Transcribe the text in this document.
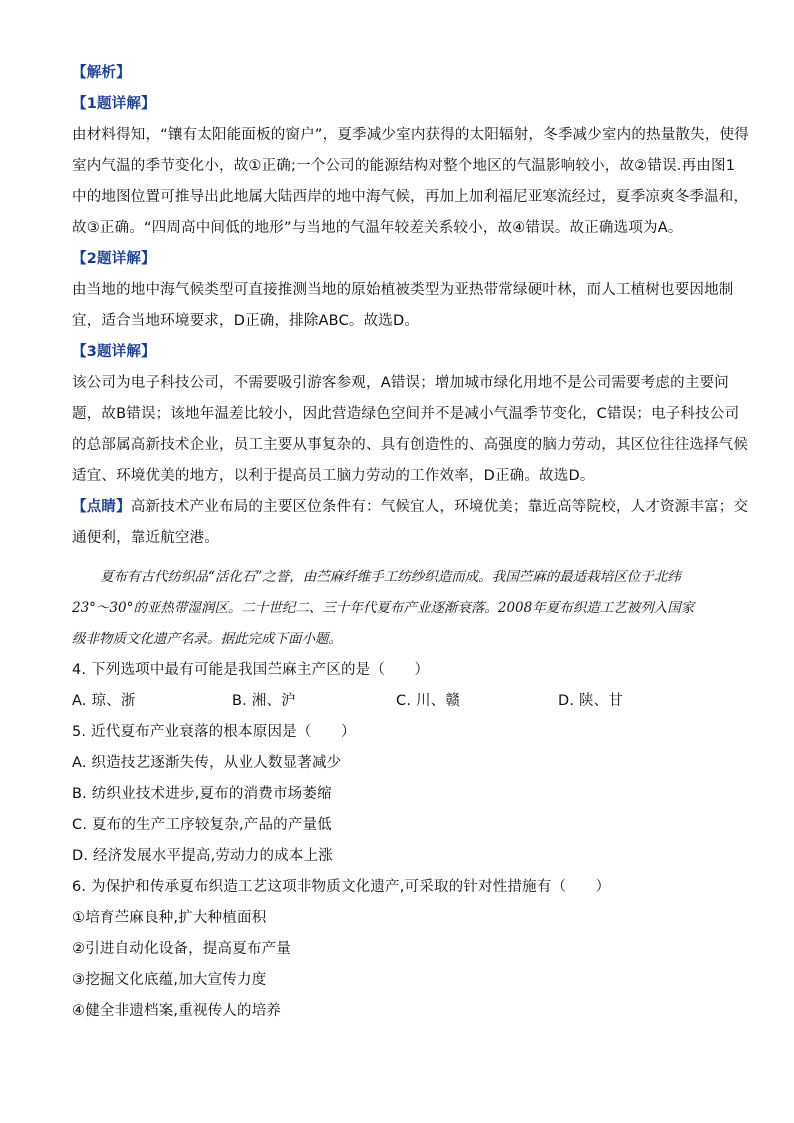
【解析】
【1题详解】
由材料得知，“镶有太阳能面板的窗户”，夏季减少室内获得的太阳辐射，冬季减少室内的热量散失，使得
室内气温的季节变化小，故①正确;一个公司的能源结构对整个地区的气温影响较小，故②错误.再由图1
中的地图位置可推导出此地属大陆西岸的地中海气候，再加上加利福尼亚寒流经过，夏季凉爽冬季温和，
故③正确。“四周高中间低的地形”与当地的气温年较差关系较小，故④错误。故正确选项为A。
【2题详解】
由当地的地中海气候类型可直接推测当地的原始植被类型为亚热带常绿硬叶林，而人工植树也要因地制
宜，适合当地环境要求，D正确，排除ABC。故选D。
【3题详解】
该公司为电子科技公司，不需要吸引游客参观，A错误；增加城市绿化用地不是公司需要考虑的主要问
题，故B错误；该地年温差比较小，因此营造绿色空间并不是减小气温季节变化，C错误；电子科技公司
的总部属高新技术企业，员工主要从事复杂的、具有创造性的、高强度的脑力劳动，其区位往往选择气候
适宜、环境优美的地方，以利于提高员工脑力劳动的工作效率，D正确。故选D。
【点睛】高新技术产业布局的主要区位条件有：气候宜人，环境优美；靠近高等院校，人才资源丰富；交
通便利，靠近航空港。
夏布有古代纺织品“活化石”之誉，由苎麻纤维手工纺纱织造而成。我国苎麻的最适栽培区位于北纬
23°～30°的亚热带湿润区。二十世纪二、三十年代夏布产业逐渐衰落。2008年夏布织造工艺被列入国家
级非物质文化遗产名录。据此完成下面小题。
4. 下列选项中最有可能是我国苎麻主产区的是（　　）
A. 琼、浙	B. 湘、沪	C. 川、赣	D. 陕、甘
5. 近代夏布产业衰落的根本原因是（　　）
A. 织造技艺逐渐失传，从业人数显著减少
B. 纺织业技术进步,夏布的消费市场萎缩
C. 夏布的生产工序较复杂,产品的产量低
D. 经济发展水平提高,劳动力的成本上涨
6. 为保护和传承夏布织造工艺这项非物质文化遗产,可采取的针对性措施有（　　）
①培育苎麻良种,扩大种植面积
②引进自动化设备，提高夏布产量
③挖掘文化底蕴,加大宣传力度
④健全非遗档案,重视传人的培养
